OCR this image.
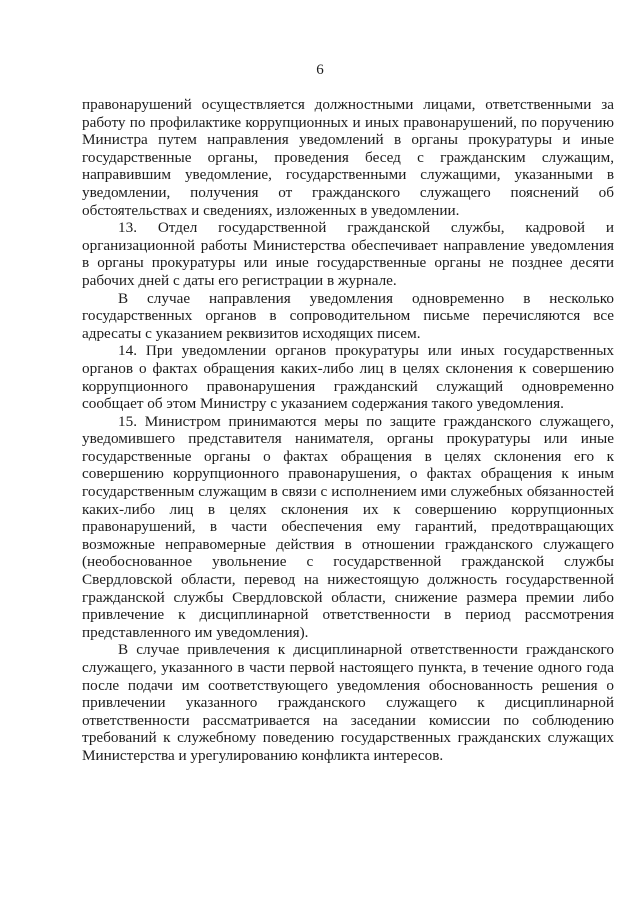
6

правонарушений осуществляется должностными лицами, ответственными за работу по профилактике коррупционных и иных правонарушений, по поручению Министра путем направления уведомлений в органы прокуратуры и иные государственные органы, проведения бесед с гражданским служащим, направившим уведомление, государственными служащими, указанными в уведомлении, получения от гражданского служащего пояснений об обстоятельствах и сведениях, изложенных в уведомлении.

13. Отдел государственной гражданской службы, кадровой и организационной работы Министерства обеспечивает направление уведомления в органы прокуратуры или иные государственные органы не позднее десяти рабочих дней с даты его регистрации в журнале.

В случае направления уведомления одновременно в несколько государственных органов в сопроводительном письме перечисляются все адресаты с указанием реквизитов исходящих писем.

14. При уведомлении органов прокуратуры или иных государственных органов о фактах обращения каких-либо лиц в целях склонения к совершению коррупционного правонарушения гражданский служащий одновременно сообщает об этом Министру с указанием содержания такого уведомления.

15. Министром принимаются меры по защите гражданского служащего, уведомившего представителя нанимателя, органы прокуратуры или иные государственные органы о фактах обращения в целях склонения его к совершению коррупционного правонарушения, о фактах обращения к иным государственным служащим в связи с исполнением ими служебных обязанностей каких-либо лиц в целях склонения их к совершению коррупционных правонарушений, в части обеспечения ему гарантий, предотвращающих возможные неправомерные действия в отношении гражданского служащего (необоснованное увольнение с государственной гражданской службы Свердловской области, перевод на нижестоящую должность государственной гражданской службы Свердловской области, снижение размера премии либо привлечение к дисциплинарной ответственности в период рассмотрения представленного им уведомления).

В случае привлечения к дисциплинарной ответственности гражданского служащего, указанного в части первой настоящего пункта, в течение одного года после подачи им соответствующего уведомления обоснованность решения о привлечении указанного гражданского служащего к дисциплинарной ответственности рассматривается на заседании комиссии по соблюдению требований к служебному поведению государственных гражданских служащих Министерства и урегулированию конфликта интересов.
